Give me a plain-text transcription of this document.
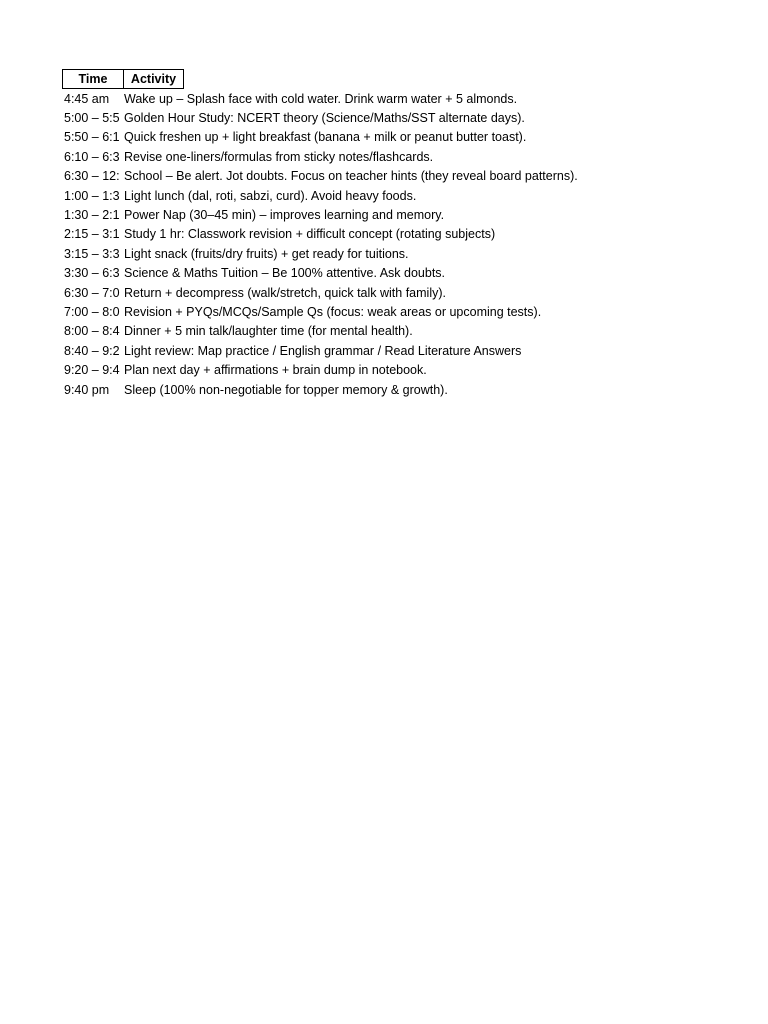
Time	Activity
4:45 am	Wake up – Splash face with cold water. Drink warm water + 5 almonds.
5:00 – 5:5 Golden Hour Study: NCERT theory (Science/Maths/SST alternate days).
5:50 – 6:1 Quick freshen up + light breakfast (banana + milk or peanut butter toast).
6:10 – 6:3 Revise one-liners/formulas from sticky notes/flashcards.
6:30 – 12: School – Be alert. Jot doubts. Focus on teacher hints (they reveal board patterns).
1:00 – 1:3 Light lunch (dal, roti, sabzi, curd). Avoid heavy foods.
1:30 – 2:1 Power Nap (30–45 min) – improves learning and memory.
2:15 – 3:1 Study 1 hr: Classwork revision + difficult concept (rotating subjects)
3:15 – 3:3 Light snack (fruits/dry fruits) + get ready for tuitions.
3:30 – 6:3 Science & Maths Tuition – Be 100% attentive. Ask doubts.
6:30 – 7:0 Return + decompress (walk/stretch, quick talk with family).
7:00 – 8:0 Revision + PYQs/MCQs/Sample Qs (focus: weak areas or upcoming tests).
8:00 – 8:4 Dinner + 5 min talk/laughter time (for mental health).
8:40 – 9:2 Light review: Map practice / English grammar / Read Literature Answers
9:20 – 9:4 Plan next day + affirmations + brain dump in notebook.
9:40 pm	Sleep (100% non-negotiable for topper memory & growth).
